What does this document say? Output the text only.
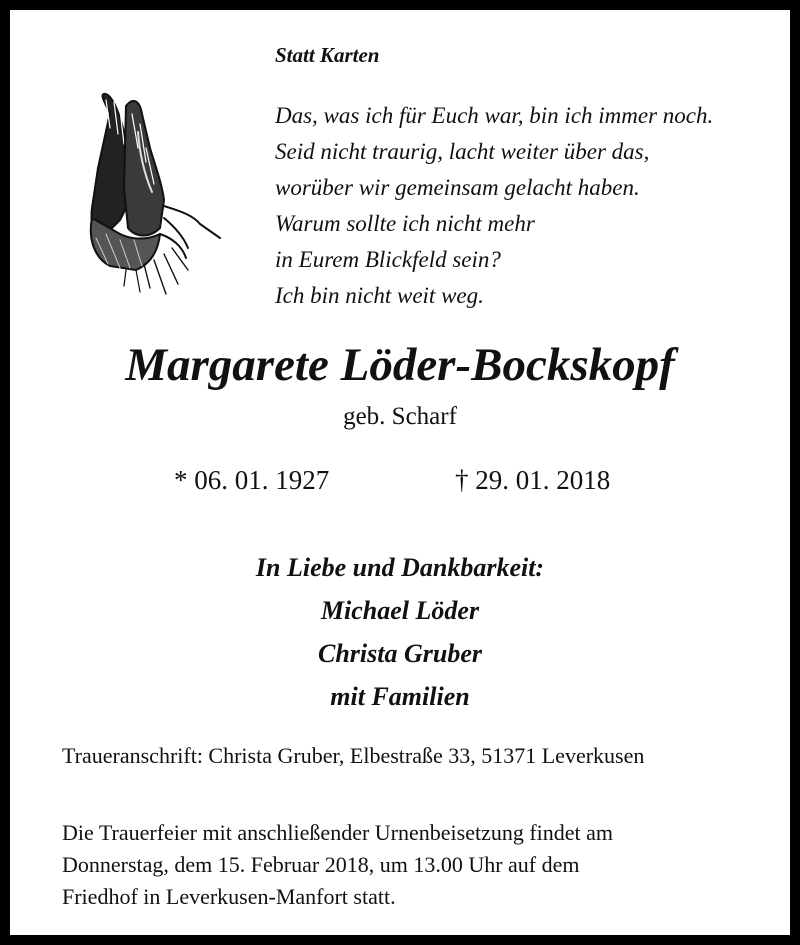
Statt Karten
Das, was ich für Euch war, bin ich immer noch.
Seid nicht traurig, lacht weiter über das,
worüber wir gemeinsam gelacht haben.
Warum sollte ich nicht mehr
in Eurem Blickfeld sein?
Ich bin nicht weit weg.
Margarete Löder-Bockskopf
geb. Scharf
* 06. 01. 1927	† 29. 01. 2018
In Liebe und Dankbarkeit:
Michael Löder
Christa Gruber
mit Familien
Traueranschrift: Christa Gruber, Elbestraße 33, 51371 Leverkusen
Die Trauerfeier mit anschließender Urnenbeisetzung findet am
Donnerstag, dem 15. Februar 2018, um 13.00 Uhr auf dem
Friedhof in Leverkusen-Manfort statt.
